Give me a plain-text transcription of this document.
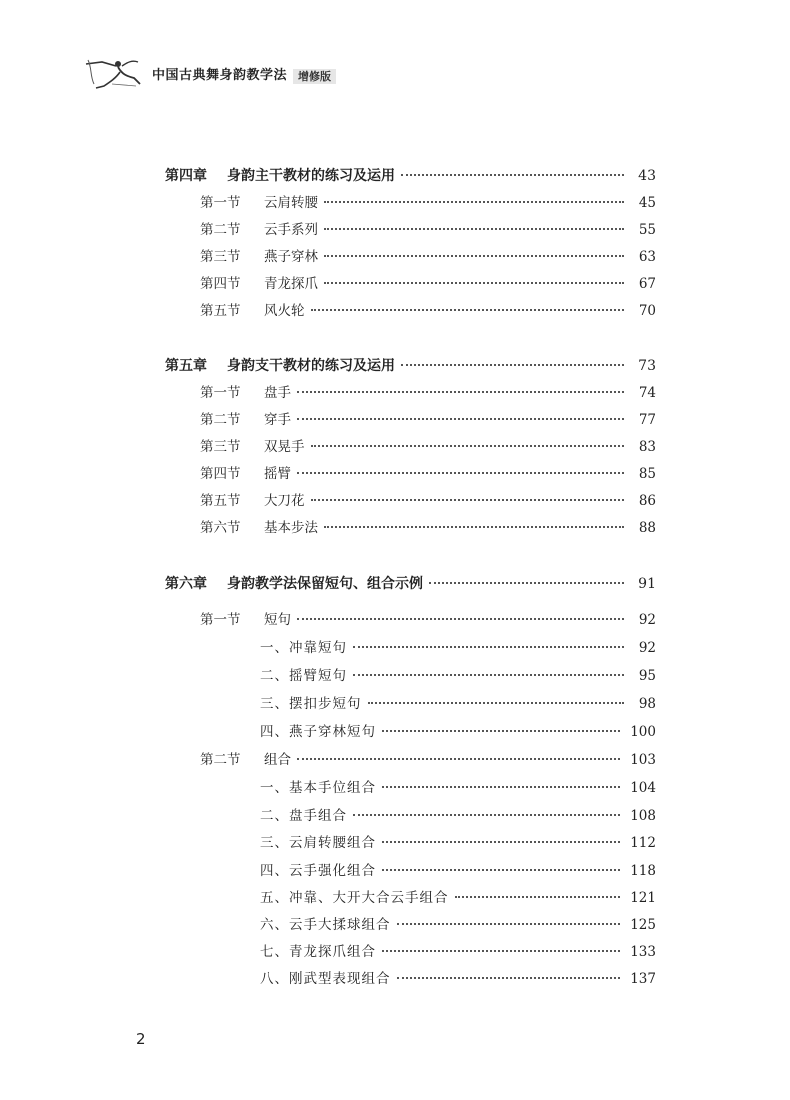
中国古典舞身韵教学法	增修版
第四章	身韵主干教材的练习及运用	43
第一节	云肩转腰	45
第二节	云手系列	55
第三节	燕子穿林	63
第四节	青龙探爪	67
第五节	风火轮	70
第五章	身韵支干教材的练习及运用	73
第一节	盘手	74
第二节	穿手	77
第三节	双晃手	83
第四节	摇臂	85
第五节	大刀花	86
第六节	基本步法	88
第六章	身韵教学法保留短句、组合示例	91
第一节	短句	92
一、冲靠短句	92
二、摇臂短句	95
三、摆扣步短句	98
四、燕子穿林短句	100
第二节	组合	103
一、基本手位组合	104
二、盘手组合	108
三、云肩转腰组合	112
四、云手强化组合	118
五、冲靠、大开大合云手组合	121
六、云手大揉球组合	125
七、青龙探爪组合	133
八、刚武型表现组合	137
2
